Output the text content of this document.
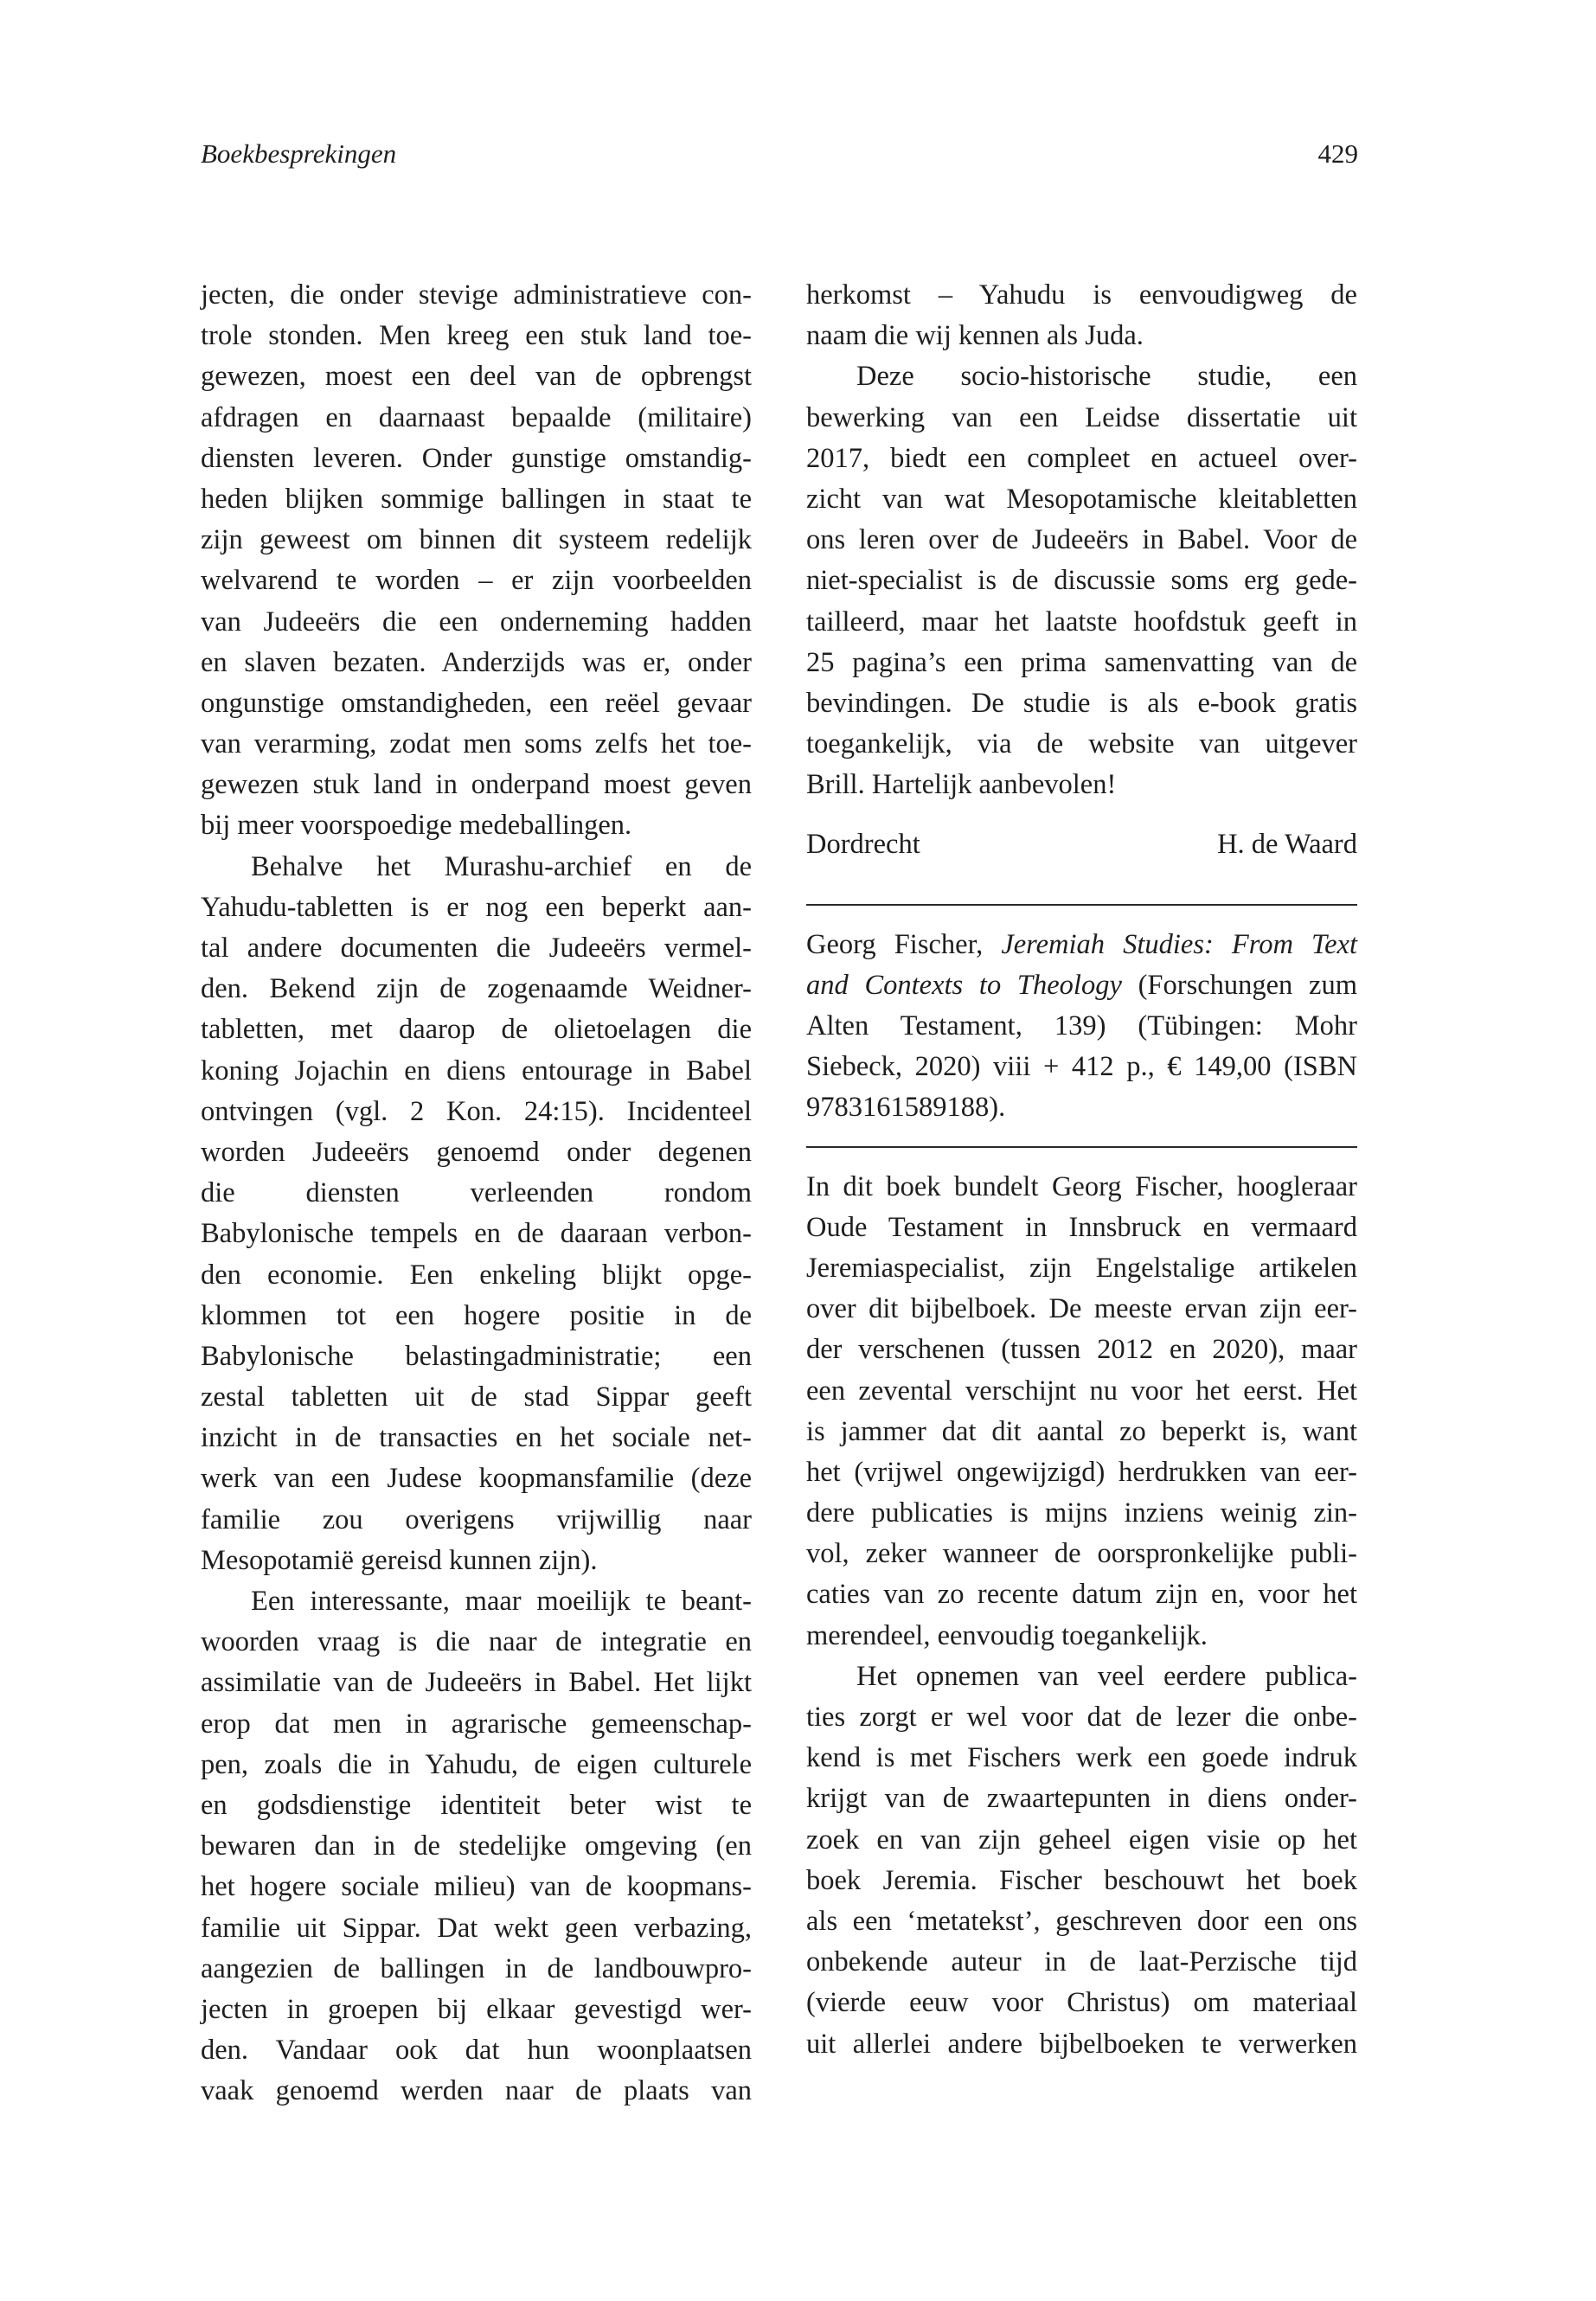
Boekbesprekingen	429
jecten, die onder stevige administratieve con-
trole stonden. Men kreeg een stuk land toe-
gewezen, moest een deel van de opbrengst
afdragen en daarnaast bepaalde (militaire)
diensten leveren. Onder gunstige omstandig-
heden blijken sommige ballingen in staat te
zijn geweest om binnen dit systeem redelijk
welvarend te worden – er zijn voorbeelden
van Judeeërs die een onderneming hadden
en slaven bezaten. Anderzijds was er, onder
ongunstige omstandigheden, een reëel gevaar
van verarming, zodat men soms zelfs het toe-
gewezen stuk land in onderpand moest geven
bij meer voorspoedige medeballingen.
Behalve het Murashu-archief en de
Yahudu-tabletten is er nog een beperkt aan-
tal andere documenten die Judeeërs vermel-
den. Bekend zijn de zogenaamde Weidner-
tabletten, met daarop de olietoelagen die
koning Jojachin en diens entourage in Babel
ontvingen (vgl. 2 Kon. 24:15). Incidenteel
worden Judeeërs genoemd onder degenen
die diensten verleenden rondom
Babylonische tempels en de daaraan verbon-
den economie. Een enkeling blijkt opge-
klommen tot een hogere positie in de
Babylonische belastingadministratie; een
zestal tabletten uit de stad Sippar geeft
inzicht in de transacties en het sociale net-
werk van een Judese koopmansfamilie (deze
familie zou overigens vrijwillig naar
Mesopotamië gereisd kunnen zijn).
Een interessante, maar moeilijk te beant-
woorden vraag is die naar de integratie en
assimilatie van de Judeeërs in Babel. Het lijkt
erop dat men in agrarische gemeenschap-
pen, zoals die in Yahudu, de eigen culturele
en godsdienstige identiteit beter wist te
bewaren dan in de stedelijke omgeving (en
het hogere sociale milieu) van de koopmans-
familie uit Sippar. Dat wekt geen verbazing,
aangezien de ballingen in de landbouwpro-
jecten in groepen bij elkaar gevestigd wer-
den. Vandaar ook dat hun woonplaatsen
vaak genoemd werden naar de plaats van
herkomst – Yahudu is eenvoudigweg de
naam die wij kennen als Juda.
Deze socio-historische studie, een
bewerking van een Leidse dissertatie uit
2017, biedt een compleet en actueel over-
zicht van wat Mesopotamische kleitabletten
ons leren over de Judeeërs in Babel. Voor de
niet-specialist is de discussie soms erg gede-
tailleerd, maar het laatste hoofdstuk geeft in
25 pagina’s een prima samenvatting van de
bevindingen. De studie is als e-book gratis
toegankelijk, via de website van uitgever
Brill. Hartelijk aanbevolen!
Dordrecht	H. de Waard
Georg Fischer, Jeremiah Studies: From Text
and Contexts to Theology (Forschungen zum
Alten Testament, 139) (Tübingen: Mohr
Siebeck, 2020) viii + 412 p., € 149,00 (ISBN
9783161589188).
In dit boek bundelt Georg Fischer, hoogleraar
Oude Testament in Innsbruck en vermaard
Jeremiaspecialist, zijn Engelstalige artikelen
over dit bijbelboek. De meeste ervan zijn eer-
der verschenen (tussen 2012 en 2020), maar
een zevental verschijnt nu voor het eerst. Het
is jammer dat dit aantal zo beperkt is, want
het (vrijwel ongewijzigd) herdrukken van eer-
dere publicaties is mijns inziens weinig zin-
vol, zeker wanneer de oorspronkelijke publi-
caties van zo recente datum zijn en, voor het
merendeel, eenvoudig toegankelijk.
Het opnemen van veel eerdere publica-
ties zorgt er wel voor dat de lezer die onbe-
kend is met Fischers werk een goede indruk
krijgt van de zwaartepunten in diens onder-
zoek en van zijn geheel eigen visie op het
boek Jeremia. Fischer beschouwt het boek
als een ‘metatekst’, geschreven door een ons
onbekende auteur in de laat-Perzische tijd
(vierde eeuw voor Christus) om materiaal
uit allerlei andere bijbelboeken te verwerken
